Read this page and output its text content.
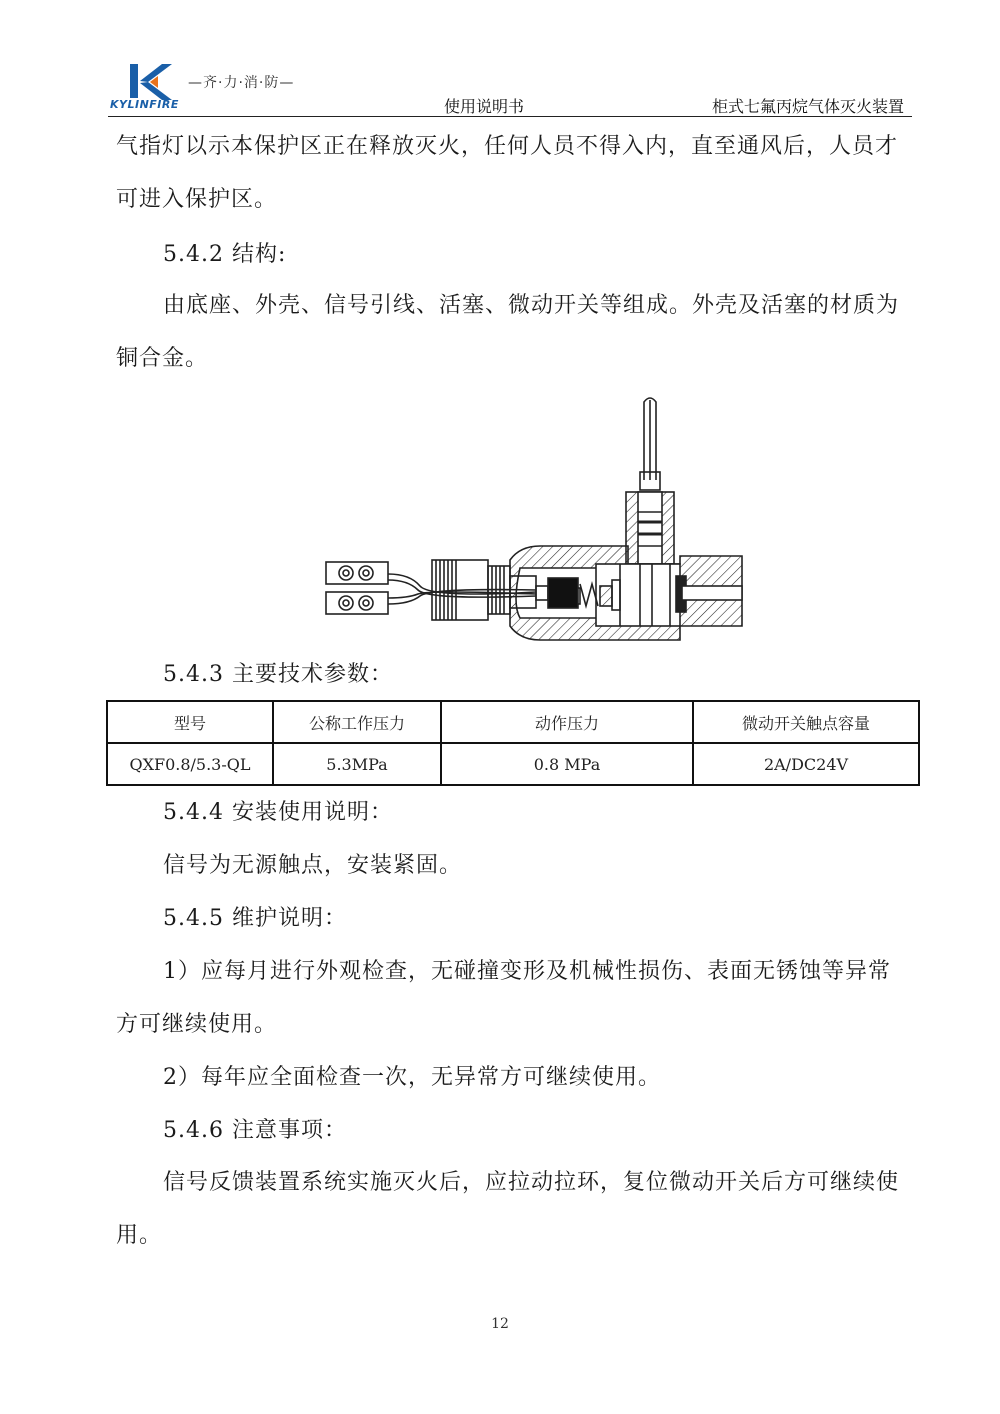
KYLINFIRE
—齐·力·消·防—
使用说明书	柜式七氟丙烷气体灭火装置
气指灯以示本保护区正在释放灭火，任何人员不得入内，直至通风后，人员才
可进入保护区。
5.4.2 结构:
由底座、外壳、信号引线、活塞、微动开关等组成。外壳及活塞的材质为
铜合金。
5.4.3 主要技术参数：
型号	公称工作压力	动作压力	微动开关触点容量
QXF0.8/5.3-QL	5.3MPa	0.8 MPa	2A/DC24V
5.4.4 安装使用说明：
信号为无源触点，安装紧固。
5.4.5 维护说明：
1）应每月进行外观检查，无碰撞变形及机械性损伤、表面无锈蚀等异常
方可继续使用。
2）每年应全面检查一次，无异常方可继续使用。
5.4.6 注意事项：
信号反馈装置系统实施灭火后，应拉动拉环，复位微动开关后方可继续使
用。
12
